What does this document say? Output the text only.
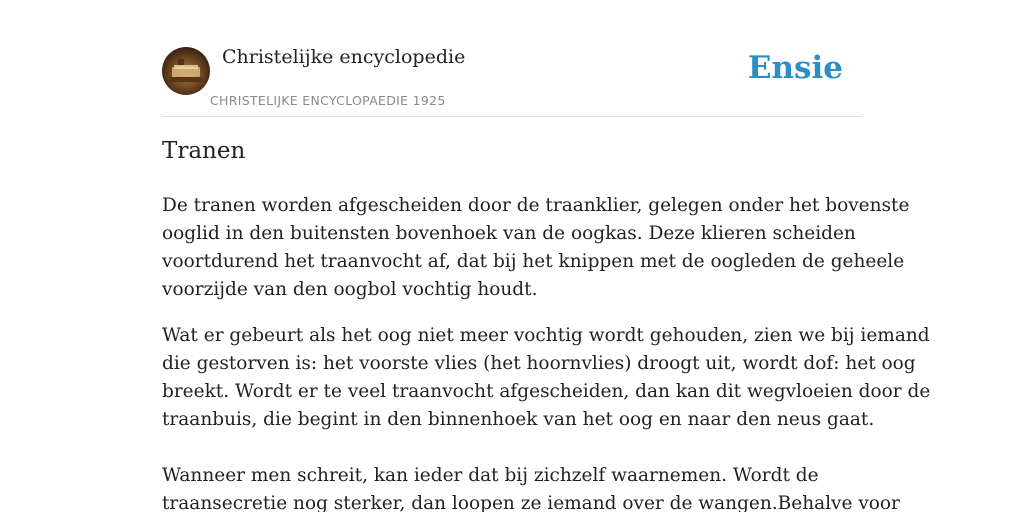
Christelijke encyclopedie
CHRISTELIJKE ENCYCLOPAEDIE 1925
Ensie
Tranen

De tranen worden afgescheiden door de traanklier, gelegen onder het bovenste
ooglid in den buitensten bovenhoek van de oogkas. Deze klieren scheiden
voortdurend het traanvocht af, dat bij het knippen met de oogleden de geheele
voorzijde van den oogbol vochtig houdt.

Wat er gebeurt als het oog niet meer vochtig wordt gehouden, zien we bij iemand
die gestorven is: het voorste vlies (het hoornvlies) droogt uit, wordt dof: het oog
breekt. Wordt er te veel traanvocht afgescheiden, dan kan dit wegvloeien door de
traanbuis, die begint in den binnenhoek van het oog en naar den neus gaat.

Wanneer men schreit, kan ieder dat bij zichzelf waarnemen. Wordt de
traansecretie nog sterker, dan loopen ze iemand over de wangen.Behalve voor
